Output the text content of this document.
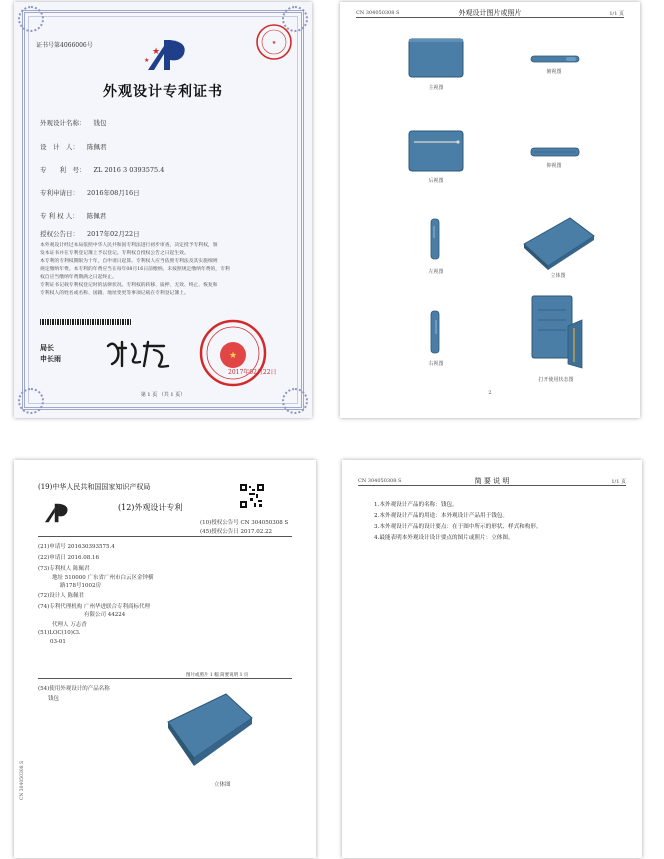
证书号第4066006号	★
★
★
外观设计专利证书
外观设计名称： 钱包
设　计　人： 陈佩君
专　　利　号： ZL 2016 3 0393575.4
专利申请日： 2016年08月16日
专 利 权 人： 陈佩君
授权公告日： 2017年02月22日
本外观设计经过本局依照中华人民共和国专利法进行初步审查，决定授予专利权，颁
发本证书并在专利登记簿上予以登记。专利权自授权公告之日起生效。
本专利的专利权期限为十年，自申请日起算。专利权人应当依照专利法及其实施细则
规定缴纳年费。本专利的年费应当在每年08月16日前缴纳。未按照规定缴纳年费的，专利
权自应当缴纳年费期满之日起终止。
专利证书记载专利权登记时的法律状况。专利权的转移、质押、无效、终止、恢复和
专利权人的姓名或名称、国籍、地址变更等事项记载在专利登记簿上。
局长
申长雨	★
2017年02月22日
第 1 页 （共 1 页）
CN 304050308 S	外观设计图片或照片	1/1 页
主视图
俯视图
后视图
仰视图
左视图
立体图
右视图
打开使用状态图
2
(19)中华人民共和国国家知识产权局
(12)外观设计专利
(10)授权公告号 CN 304050308 S
(45)授权公告日 2017.02.22
(21)申请号 201630393575.4
(22)申请日 2016.08.16
(73)专利权人 陈佩君
地址 510000 广东省广州市白云区金钟横
路178号1002房
(72)设计人 陈佩君
(74)专利代理机构 广州华进联合专利商标代理
有限公司 44224
代理人 万志香
(51)LOC(10)Cl.
03-01
图片或照片 1 幅 简要说明 1 页
(54)使用外观设计的产品名称
钱包
立体图
CN 304050308 S
CN 304050308 S	简 要 说 明	1/1 页
1.本外观设计产品的名称：钱包。
2.本外观设计产品的用途：本外观设计产品用于钱包。
3.本外观设计产品的设计要点：在于图中所示的形状、样式和构形。
4.最能表明本外观设计设计要点的图片或照片：立体图。
